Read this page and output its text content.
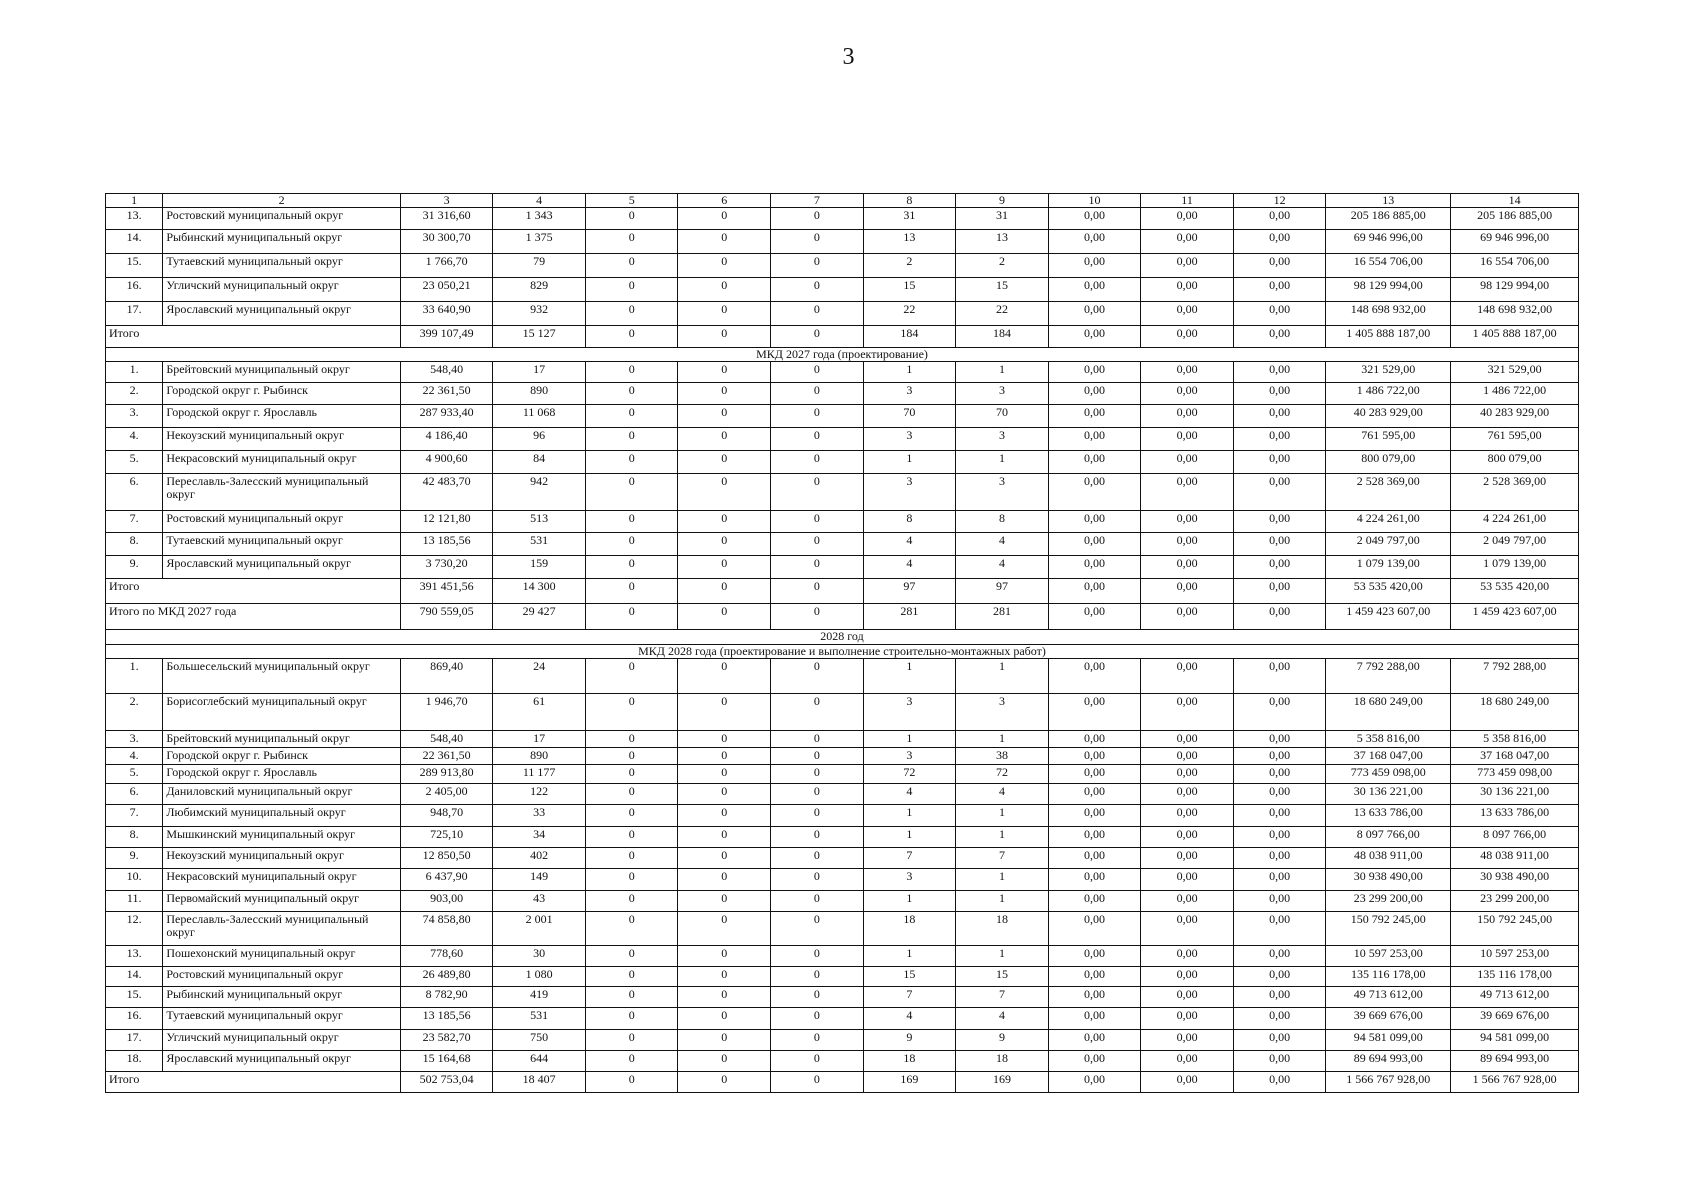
3
1	2	3	4	5	6	7	8	9	10	11	12	13	14
13.	Ростовский муниципальный округ	31 316,60	1 343	0	0	0	31	31	0,00	0,00	0,00	205 186 885,00	205 186 885,00
14.	Рыбинский муниципальный округ	30 300,70	1 375	0	0	0	13	13	0,00	0,00	0,00	69 946 996,00	69 946 996,00
15.	Тутаевский муниципальный округ	1 766,70	79	0	0	0	2	2	0,00	0,00	0,00	16 554 706,00	16 554 706,00
16.	Угличский муниципальный округ	23 050,21	829	0	0	0	15	15	0,00	0,00	0,00	98 129 994,00	98 129 994,00
17.	Ярославский муниципальный округ	33 640,90	932	0	0	0	22	22	0,00	0,00	0,00	148 698 932,00	148 698 932,00
Итого		399 107,49	15 127	0	0	0	184	184	0,00	0,00	0,00	1 405 888 187,00	1 405 888 187,00
МКД 2027 года (проектирование)													
1.	Брейтовский муниципальный округ	548,40	17	0	0	0	1	1	0,00	0,00	0,00	321 529,00	321 529,00
2.	Городской округ г. Рыбинск	22 361,50	890	0	0	0	3	3	0,00	0,00	0,00	1 486 722,00	1 486 722,00
3.	Городской округ г. Ярославль	287 933,40	11 068	0	0	0	70	70	0,00	0,00	0,00	40 283 929,00	40 283 929,00
4.	Некоузский муниципальный округ	4 186,40	96	0	0	0	3	3	0,00	0,00	0,00	761 595,00	761 595,00
5.	Некрасовский муниципальный округ	4 900,60	84	0	0	0	1	1	0,00	0,00	0,00	800 079,00	800 079,00
6.	Переславль-Залесский муниципальный округ	42 483,70	942	0	0	0	3	3	0,00	0,00	0,00	2 528 369,00	2 528 369,00
7.	Ростовский муниципальный округ	12 121,80	513	0	0	0	8	8	0,00	0,00	0,00	4 224 261,00	4 224 261,00
8.	Тутаевский муниципальный округ	13 185,56	531	0	0	0	4	4	0,00	0,00	0,00	2 049 797,00	2 049 797,00
9.	Ярославский муниципальный округ	3 730,20	159	0	0	0	4	4	0,00	0,00	0,00	1 079 139,00	1 079 139,00
Итого		391 451,56	14 300	0	0	0	97	97	0,00	0,00	0,00	53 535 420,00	53 535 420,00
Итого по МКД 2027 года		790 559,05	29 427	0	0	0	281	281	0,00	0,00	0,00	1 459 423 607,00	1 459 423 607,00
2028 год													
МКД 2028 года (проектирование и выполнение строительно-монтажных работ)													
1.	Большесельский муниципальный округ	869,40	24	0	0	0	1	1	0,00	0,00	0,00	7 792 288,00	7 792 288,00
2.	Борисоглебский муниципальный округ	1 946,70	61	0	0	0	3	3	0,00	0,00	0,00	18 680 249,00	18 680 249,00
3.	Брейтовский муниципальный округ	548,40	17	0	0	0	1	1	0,00	0,00	0,00	5 358 816,00	5 358 816,00
4.	Городской округ г. Рыбинск	22 361,50	890	0	0	0	3	38	0,00	0,00	0,00	37 168 047,00	37 168 047,00
5.	Городской округ г. Ярославль	289 913,80	11 177	0	0	0	72	72	0,00	0,00	0,00	773 459 098,00	773 459 098,00
6.	Даниловский муниципальный округ	2 405,00	122	0	0	0	4	4	0,00	0,00	0,00	30 136 221,00	30 136 221,00
7.	Любимский муниципальный округ	948,70	33	0	0	0	1	1	0,00	0,00	0,00	13 633 786,00	13 633 786,00
8.	Мышкинский муниципальный округ	725,10	34	0	0	0	1	1	0,00	0,00	0,00	8 097 766,00	8 097 766,00
9.	Некоузский муниципальный округ	12 850,50	402	0	0	0	7	7	0,00	0,00	0,00	48 038 911,00	48 038 911,00
10.	Некрасовский муниципальный округ	6 437,90	149	0	0	0	3	1	0,00	0,00	0,00	30 938 490,00	30 938 490,00
11.	Первомайский муниципальный округ	903,00	43	0	0	0	1	1	0,00	0,00	0,00	23 299 200,00	23 299 200,00
12.	Переславль-Залесский муниципальный округ	74 858,80	2 001	0	0	0	18	18	0,00	0,00	0,00	150 792 245,00	150 792 245,00
13.	Пошехонский муниципальный округ	778,60	30	0	0	0	1	1	0,00	0,00	0,00	10 597 253,00	10 597 253,00
14.	Ростовский муниципальный округ	26 489,80	1 080	0	0	0	15	15	0,00	0,00	0,00	135 116 178,00	135 116 178,00
15.	Рыбинский муниципальный округ	8 782,90	419	0	0	0	7	7	0,00	0,00	0,00	49 713 612,00	49 713 612,00
16.	Тутаевский муниципальный округ	13 185,56	531	0	0	0	4	4	0,00	0,00	0,00	39 669 676,00	39 669 676,00
17.	Угличский муниципальный округ	23 582,70	750	0	0	0	9	9	0,00	0,00	0,00	94 581 099,00	94 581 099,00
18.	Ярославский муниципальный округ	15 164,68	644	0	0	0	18	18	0,00	0,00	0,00	89 694 993,00	89 694 993,00
Итого		502 753,04	18 407	0	0	0	169	169	0,00	0,00	0,00	1 566 767 928,00	1 566 767 928,00
